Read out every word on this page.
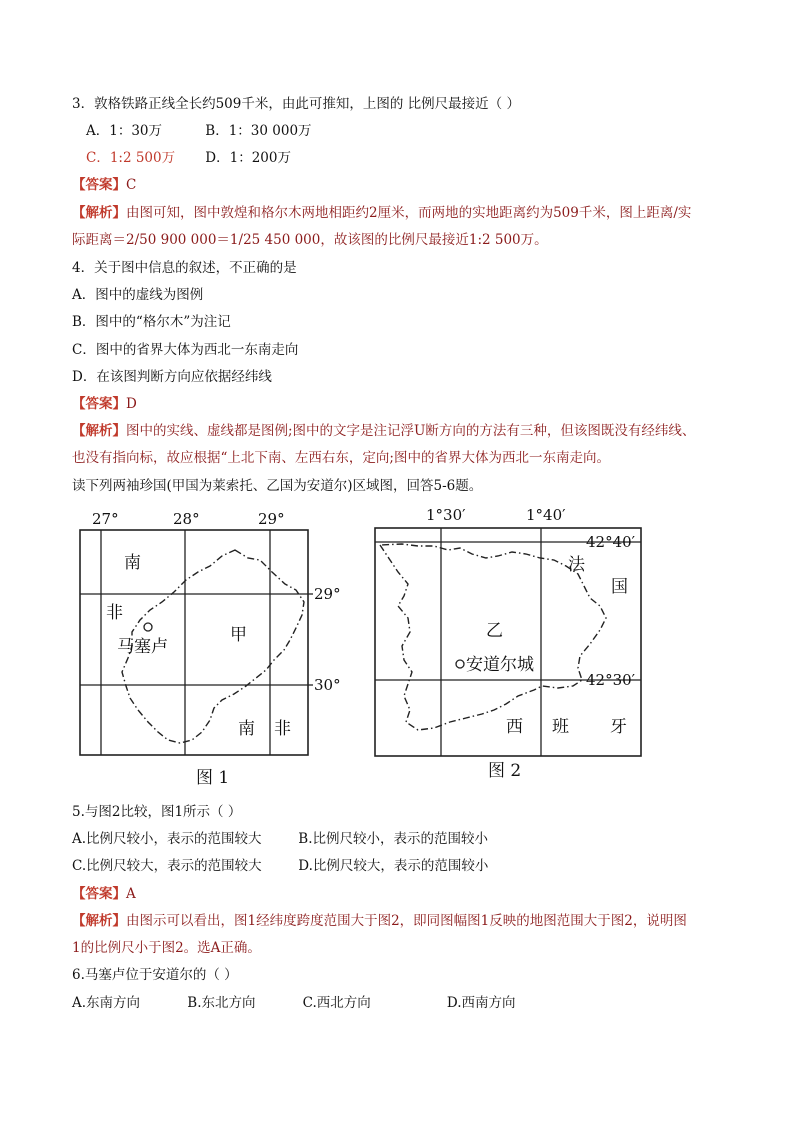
3．敦格铁路正线全长约509千米，由此可推知，上图的 比例尺最接近（ ）
A．1：30万	B．1：30 000万
C．1:2 500万 D．1：200万
【答案】C
【解析】由图可知，图中敦煌和格尔木两地相距约2厘米，而两地的实地距离约为509千米，图上距离/实
际距离＝2/50 900 000＝1/25 450 000，故该图的比例尺最接近1:2 500万。
4．关于图中信息的叙述，不正确的是
A．图中的虚线为图例
B．图中的“格尔木”为注记
C．图中的省界大体为西北一东南走向
D．在该图判断方向应依据经纬线
【答案】D
【解析】图中的实线、虚线都是图例;图中的文字是注记浮U断方向的方法有三种，但该图既没有经纬线、
也没有指向标，故应根据“上北下南、左西右东，定向;图中的省界大体为西北一东南走向。
读下列两袖珍国(甲国为莱索托、乙国为安道尔)区域图，回答5-6题。
27°	28°	29°
29°
30°
南
非
甲
马塞卢
南 非
图 1
1°30′	1°40′
42°40′
42°30′
法
国
乙
安道尔城
西 班 牙
图 2
5.与图2比较，图1所示（ ）
A.比例尺较小，表示的范围较大	B.比例尺较小，表示的范围较小
C.比例尺较大，表示的范围较大	D.比例尺较大，表示的范围较小
【答案】A
【解析】由图示可以看出，图1经纬度跨度范围大于图2，即同图幅图1反映的地图范围大于图2，说明图
1的比例尺小于图2。选A正确。
6.马塞卢位于安道尔的（ ）
A.东南方向	B.东北方向	C.西北方向	D.西南方向
